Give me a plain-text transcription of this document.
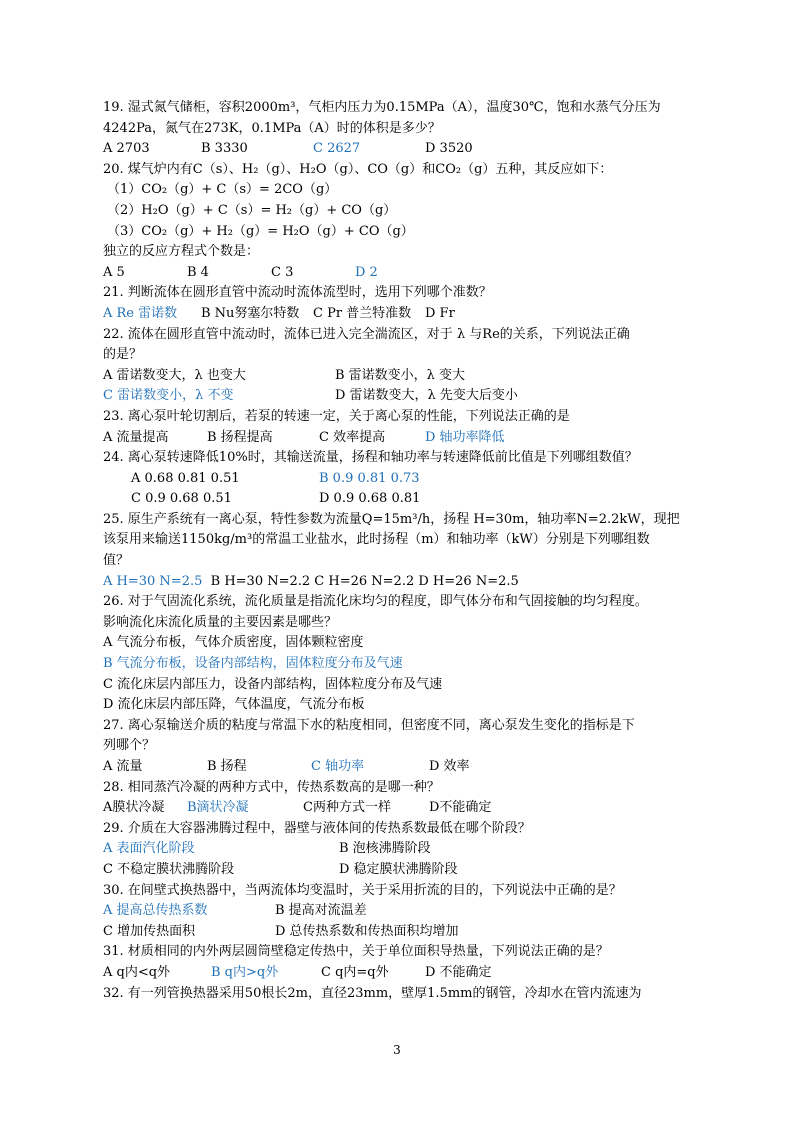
19. 湿式氮气储柜，容积2000m³，气柜内压力为0.15MPa（A），温度30℃，饱和水蒸气分压为
4242Pa，氮气在273K，0.1MPa（A）时的体积是多少？
A 2703	B 3330	C 2627	D 3520
20. 煤气炉内有C（s）、H₂（g）、H₂O（g）、CO（g）和CO₂（g）五种，其反应如下：
（1）CO₂（g）+ C（s）= 2CO（g）
（2）H₂O（g）+ C（s）= H₂（g）+ CO（g）
（3）CO₂（g）+ H₂（g）= H₂O（g）+ CO（g）
独立的反应方程式个数是：
A 5	B 4	C 3	D 2
21. 判断流体在圆形直管中流动时流体流型时，选用下列哪个准数？
A Re 雷诺数 B Nu努塞尔特数 C Pr 普兰特准数 D Fr
22. 流体在圆形直管中流动时，流体已进入完全湍流区，对于 λ 与Re的关系，下列说法正确
的是？
A 雷诺数变大，λ 也变大	B 雷诺数变小，λ 变大
C 雷诺数变小，λ 不变	D 雷诺数变大，λ 先变大后变小
23. 离心泵叶轮切割后，若泵的转速一定，关于离心泵的性能，下列说法正确的是
A 流量提高	B 扬程提高	C 效率提高	D 轴功率降低
24. 离心泵转速降低10%时，其输送流量，扬程和轴功率与转速降低前比值是下列哪组数值？
A 0.68 0.81 0.51	B 0.9 0.81 0.73
C 0.9 0.68 0.51	D 0.9 0.68 0.81
25. 原生产系统有一离心泵，特性参数为流量Q=15m³/h，扬程 H=30m，轴功率N=2.2kW，现把
该泵用来输送1150kg/m³的常温工业盐水，此时扬程（m）和轴功率（kW）分别是下列哪组数
值？
A H=30 N=2.5 B H=30 N=2.2 C H=26 N=2.2 D H=26 N=2.5
26. 对于气固流化系统，流化质量是指流化床均匀的程度，即气体分布和气固接触的均匀程度。
影响流化床流化质量的主要因素是哪些？
A 气流分布板，气体介质密度，固体颗粒密度
B 气流分布板，设备内部结构，固体粒度分布及气速
C 流化床层内部压力，设备内部结构，固体粒度分布及气速
D 流化床层内部压降，气体温度，气流分布板
27. 离心泵输送介质的粘度与常温下水的粘度相同，但密度不同，离心泵发生变化的指标是下
列哪个？
A 流量	B 扬程	C 轴功率	D 效率
28. 相同蒸汽冷凝的两种方式中，传热系数高的是哪一种？
A膜状冷凝 B滴状冷凝	C两种方式一样	D不能确定
29. 介质在大容器沸腾过程中，器壁与液体间的传热系数最低在哪个阶段？
A 表面汽化阶段	B 泡核沸腾阶段
C 不稳定膜状沸腾阶段	D 稳定膜状沸腾阶段
30. 在间壁式换热器中，当两流体均变温时，关于采用折流的目的，下列说法中正确的是？
A 提高总传热系数	B 提高对流温差
C 增加传热面积	D 总传热系数和传热面积均增加
31. 材质相同的内外两层圆筒壁稳定传热中，关于单位面积导热量，下列说法正确的是？
A q内<q外	B q内>q外	C q内=q外	D 不能确定
32. 有一列管换热器采用50根长2m，直径23mm，壁厚1.5mm的钢管，冷却水在管内流速为
3
